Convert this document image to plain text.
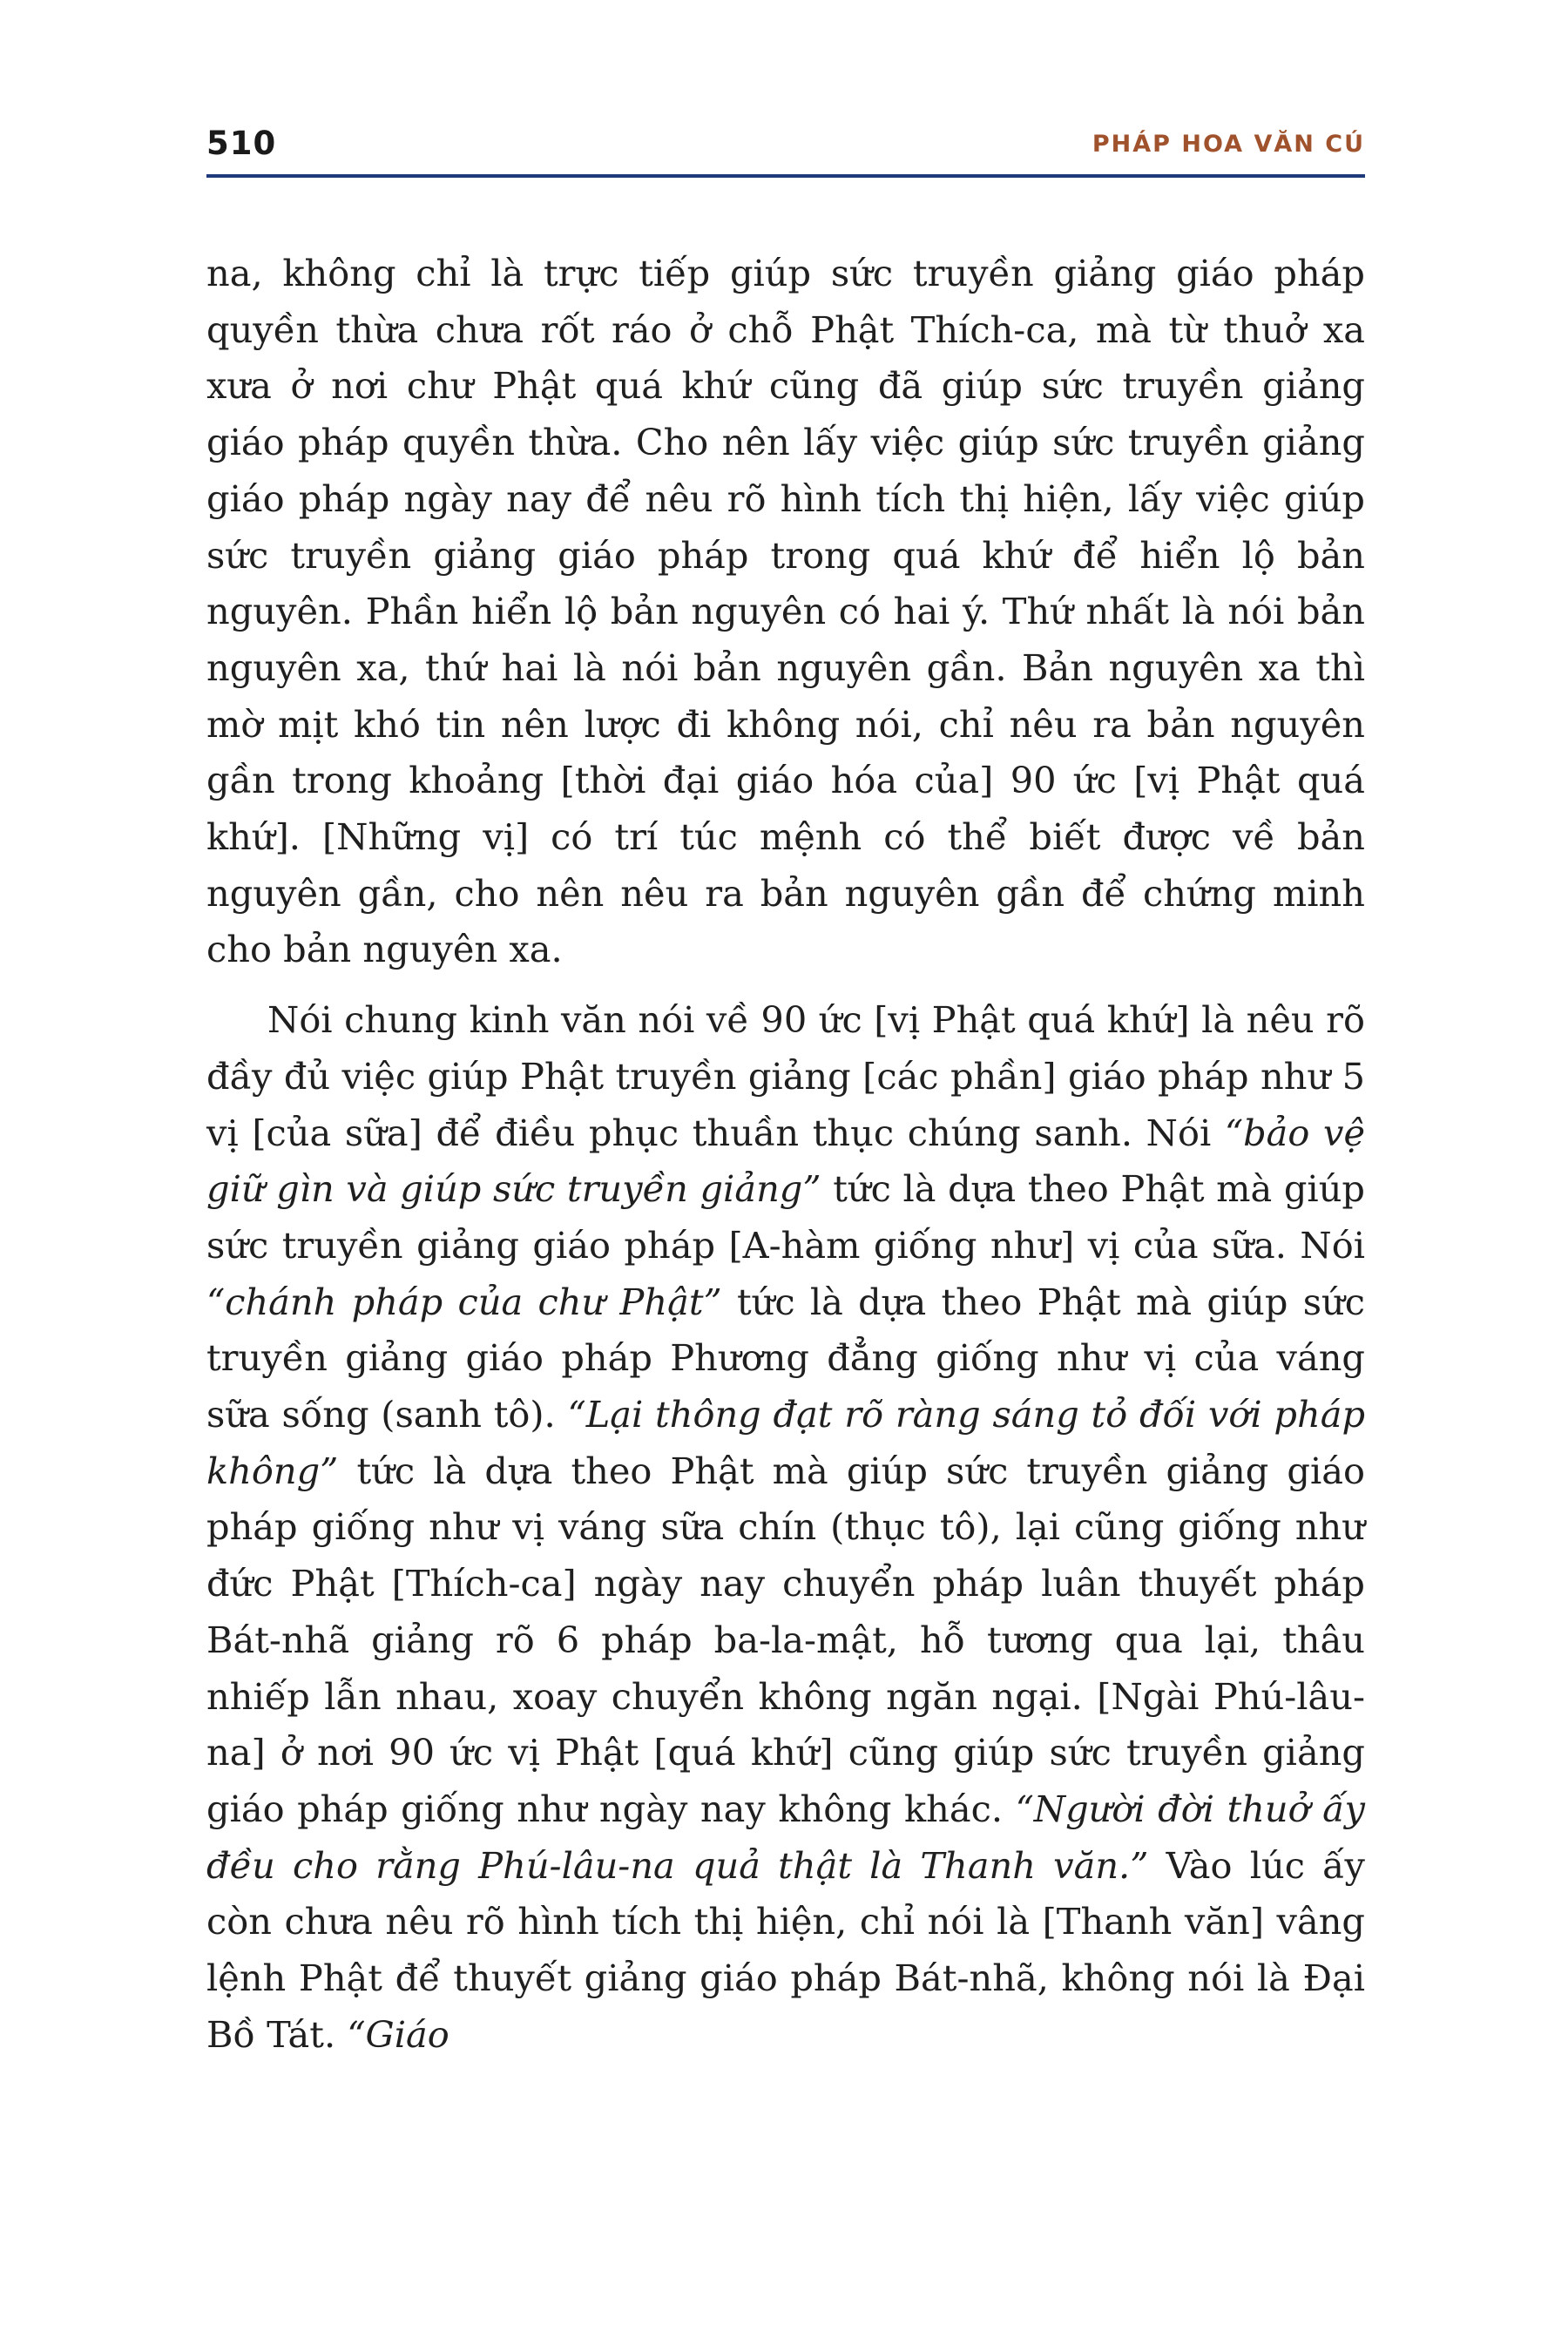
510	PHÁP HOA VĂN CÚ

na, không chỉ là trực tiếp giúp sức truyền giảng giáo pháp quyền thừa chưa rốt ráo ở chỗ Phật Thích-ca, mà từ thuở xa xưa ở nơi chư Phật quá khứ cũng đã giúp sức truyền giảng giáo pháp quyền thừa. Cho nên lấy việc giúp sức truyền giảng giáo pháp ngày nay để nêu rõ hình tích thị hiện, lấy việc giúp sức truyền giảng giáo pháp trong quá khứ để hiển lộ bản nguyên. Phần hiển lộ bản nguyên có hai ý. Thứ nhất là nói bản nguyên xa, thứ hai là nói bản nguyên gần. Bản nguyên xa thì mờ mịt khó tin nên lược đi không nói, chỉ nêu ra bản nguyên gần trong khoảng [thời đại giáo hóa của] 90 ức [vị Phật quá khứ]. [Những vị] có trí túc mệnh có thể biết được về bản nguyên gần, cho nên nêu ra bản nguyên gần để chứng minh cho bản nguyên xa.

Nói chung kinh văn nói về 90 ức [vị Phật quá khứ] là nêu rõ đầy đủ việc giúp Phật truyền giảng [các phần] giáo pháp như 5 vị [của sữa] để điều phục thuần thục chúng sanh. Nói “bảo vệ giữ gìn và giúp sức truyền giảng” tức là dựa theo Phật mà giúp sức truyền giảng giáo pháp [A-hàm giống như] vị của sữa. Nói “chánh pháp của chư Phật” tức là dựa theo Phật mà giúp sức truyền giảng giáo pháp Phương đẳng giống như vị của váng sữa sống (sanh tô). “Lại thông đạt rõ ràng sáng tỏ đối với pháp không” tức là dựa theo Phật mà giúp sức truyền giảng giáo pháp giống như vị váng sữa chín (thục tô), lại cũng giống như đức Phật [Thích-ca] ngày nay chuyển pháp luân thuyết pháp Bát-nhã giảng rõ 6 pháp ba-la-mật, hỗ tương qua lại, thâu nhiếp lẫn nhau, xoay chuyển không ngăn ngại. [Ngài Phú-lâu-na] ở nơi 90 ức vị Phật [quá khứ] cũng giúp sức truyền giảng giáo pháp giống như ngày nay không khác. “Người đời thuở ấy đều cho rằng Phú-lâu-na quả thật là Thanh văn.” Vào lúc ấy còn chưa nêu rõ hình tích thị hiện, chỉ nói là [Thanh văn] vâng lệnh Phật để thuyết giảng giáo pháp Bát-nhã, không nói là Đại Bồ Tát. “Giáo
